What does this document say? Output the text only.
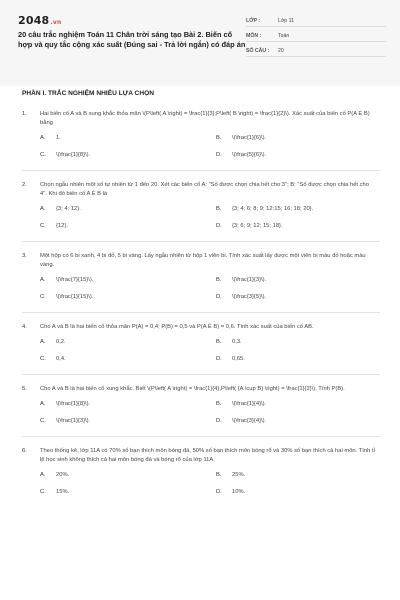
2048.vn
20 câu trắc nghiệm Toán 11 Chân trời sáng tạo Bài 2. Biến cố hợp và quy tắc cộng xác suất (Đúng sai - Trả lời ngắn) có đáp án
LỚP :	Lớp 11
MÔN :	Toán
SỐ CÂU :	20
PHẦN I. TRẮC NGHIỆM NHIỀU LỰA CHỌN
1.	Hai biến cố A và B xung khắc thỏa mãn \(P\left( A \right) = \frac{1}{3};P\left( B \right) = \frac{1}{2}\). Xác suất của biến cố P(A È B) bằng
A.	1.	B.	\(\frac{1}{6}\).
C.	\(\frac{1}{8}\).	D.	\(\frac{5}{6}\).
2.	Chọn ngẫu nhiên một số tự nhiên từ 1 đến 20. Xét các biến cố A: "Số được chọn chia hết cho 3"; B: "Số được chọn chia hết cho 4". Khi đó biến cố A È B là
A.	{3; 4; 12}.	B.	{3; 4; 6; 8; 9; 12;15; 16; 18; 20}.
C.	{12}.	D.	{3; 6; 9; 12; 15; 18}.
3.	Một hộp có 6 bi xanh, 4 bi đỏ, 5 bi vàng. Lấy ngẫu nhiên từ hộp 1 viên bi. Tính xác suất lấy được một viên bi màu đỏ hoặc màu vàng.
A.	\(\frac{7}{15}\).	B.	\(\frac{1}{3}\).
C.	\(\frac{1}{15}\).	D.	\(\frac{3}{5}\).
4.	Cho A và B là hai biến cố thỏa mãn P(A) = 0,4; P(B) = 0,5 và P(A È B) = 0,6. Tính xác suất của biến cố AB.
A.	0,2.	B.	0,3.
C.	0,4.	D.	0,65.
5.	Cho A và B là hai biến cố xung khắc. Biết \(P\left( A \right) = \frac{1}{4},P\left( {A \cup B} \right) = \frac{1}{2}\). Tính P(B).
A.	\(\frac{1}{8}\).	B.	\(\frac{1}{4}\).
C.	\(\frac{1}{3}\).	D.	\(\frac{3}{4}\).
6.	Theo thống kê, lớp 11A có 70% số bạn thích môn bóng đá, 50% số bạn thích môn bóng rổ và 30% số bạn thích cả hai môn. Tính tỉ lệ học sinh không thích cả hai môn bóng đá và bóng rổ của lớp 11A.
A.	20%.	B.	25%.
C.	15%.	D.	10%.
